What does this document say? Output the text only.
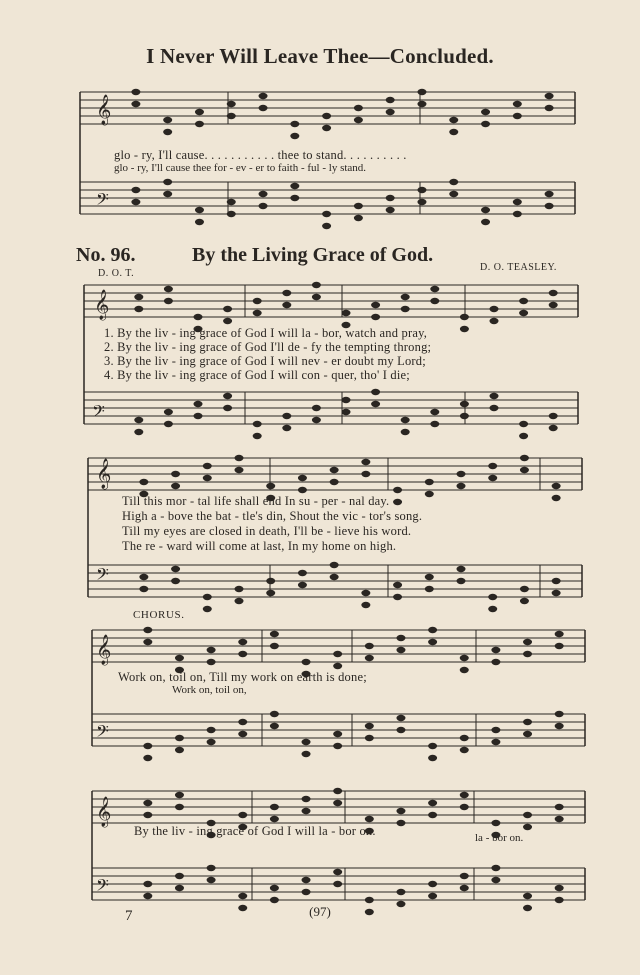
I Never Will Leave Thee—Concluded.
𝄞
𝄢
𝄞
𝄢
𝄞
𝄢
𝄞
𝄢
𝄞
𝄢
glo - ry, I'll cause. . . . . . . . . . . thee to stand. . . . . . . . . .
glo - ry, I'll cause thee for - ev - er to faith - ful - ly stand.
No. 96.	By the Living Grace of God.
D. O. T.
D. O. TEASLEY.
1. By the liv - ing grace of God I will la - bor, watch and pray,
2. By the liv - ing grace of God I'll de - fy the tempting throng;
3. By the liv - ing grace of God I will nev - er doubt my Lord;
4. By the liv - ing grace of God I will con - quer, tho' I die;
Till this mor - tal life shall end In su - per - nal day.
High a - bove the bat - tle's din, Shout the vic - tor's song.
Till my eyes are closed in death, I'll be - lieve his word.
The re - ward will come at last, In my home on high.
CHORUS.
Work on, toil on, Till my work on earth is done;
Work on, toil on,
By the liv - ing grace of God I will la - bor on.	la - bor on.
7	(97)
